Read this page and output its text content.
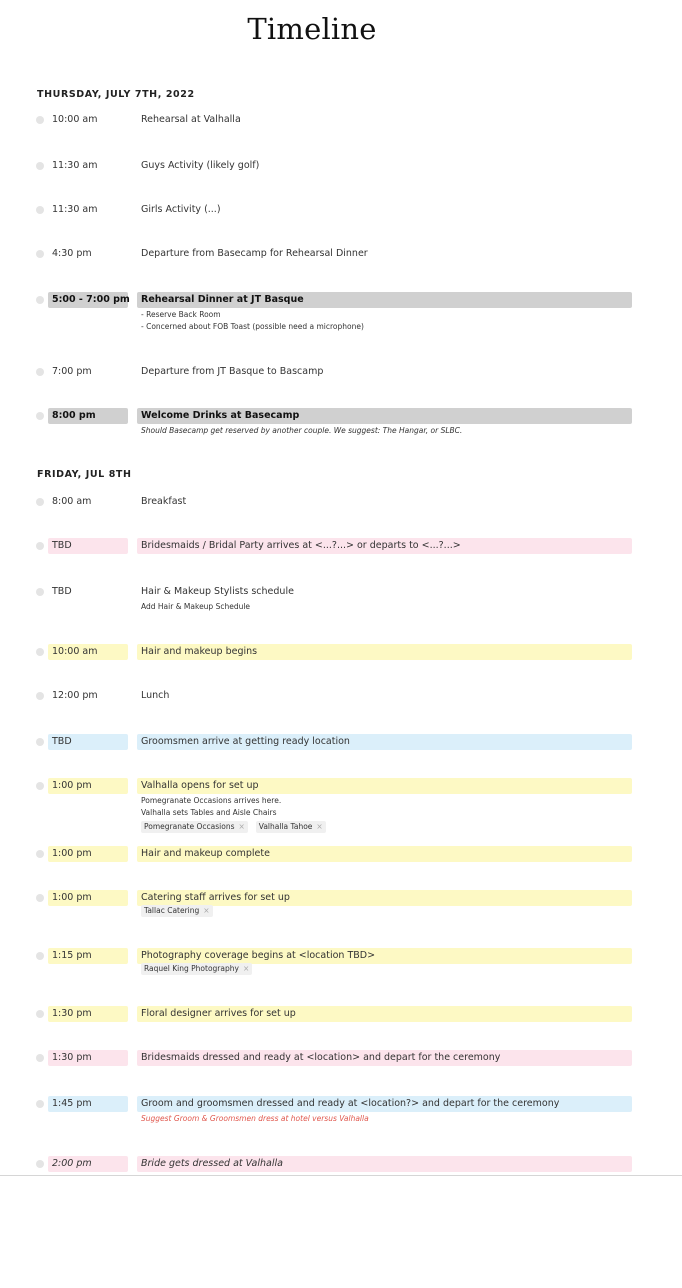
Timeline
THURSDAY, JULY 7TH, 2022
10:00 am	Rehearsal at Valhalla
11:30 am	Guys Activity (likely golf)
11:30 am	Girls Activity (...)
4:30 pm	Departure from Basecamp for Rehearsal Dinner
5:00 - 7:00 pm	Rehearsal Dinner at JT Basque
- Reserve Back Room
- Concerned about FOB Toast (possible need a microphone)
7:00 pm	Departure from JT Basque to Bascamp
8:00 pm	Welcome Drinks at Basecamp
Should Basecamp get reserved by another couple. We suggest: The Hangar, or SLBC.
FRIDAY, JUL 8TH
8:00 am	Breakfast
TBD	Bridesmaids / Bridal Party arrives at <...?...> or departs to <...?...>
TBD	Hair & Makeup Stylists schedule
Add Hair & Makeup Schedule
10:00 am	Hair and makeup begins
12:00 pm	Lunch
TBD	Groomsmen arrive at getting ready location
1:00 pm	Valhalla opens for set up
Pomegranate Occasions arrives here.
Valhalla sets Tables and Aisle Chairs
Pomegranate Occasions ×	Valhalla Tahoe ×
1:00 pm	Hair and makeup complete
1:00 pm	Catering staff arrives for set up
Tallac Catering ×
1:15 pm	Photography coverage begins at <location TBD>
Raquel King Photography ×
1:30 pm	Floral designer arrives for set up
1:30 pm	Bridesmaids dressed and ready at <location> and depart for the ceremony
1:45 pm	Groom and groomsmen dressed and ready at <location?> and depart for the ceremony
Suggest Groom & Groomsmen dress at hotel versus Valhalla
2:00 pm	Bride gets dressed at Valhalla
